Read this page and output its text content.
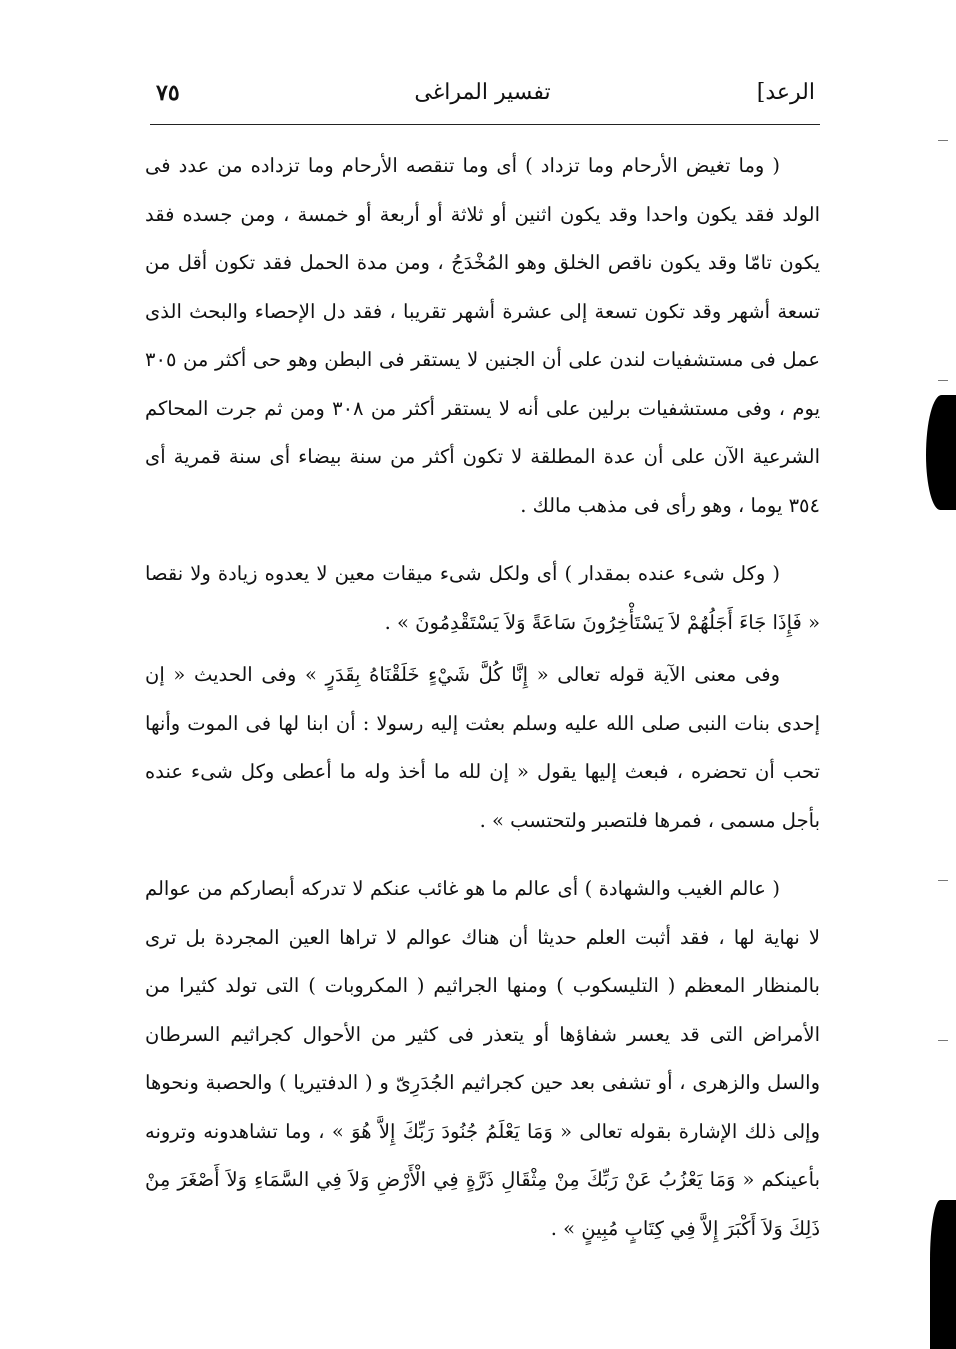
الرعد]
تفسير المراغى
٧٥

( وما تغيض الأرحام وما تزداد ) أى وما تنقصه الأرحام وما تزداده من عدد فى الولد فقد يكون واحدا وقد يكون اثنين أو ثلاثة أو أربعة أو خمسة ، ومن جسده فقد يكون تامّا وقد يكون ناقص الخلق وهو المُخْدَجُ ، ومن مدة الحمل فقد تكون أقل من تسعة أشهر وقد تكون تسعة إلى عشرة أشهر تقريبا ، فقد دل الإحصاء والبحث الذى عمل فى مستشفيات لندن على أن الجنين لا يستقر فى البطن وهو حى أكثر من ٣٠٥ يوم ، وفى مستشفيات برلين على أنه لا يستقر أكثر من ٣٠٨ ومن ثم جرت المحاكم الشرعية الآن على أن عدة المطلقة لا تكون أكثر من سنة بيضاء أى سنة قمرية أى ٣٥٤ يوما ، وهو رأى فى مذهب مالك .

( وكل شىء عنده بمقدار ) أى ولكل شىء ميقات معين لا يعدوه زيادة ولا نقصا « فَإِذَا جَاءَ أَجَلُهُمْ لاَ يَسْتَأْخِرُونَ سَاعَةً وَلاَ يَسْتَقْدِمُونَ » .

وفى معنى الآية قوله تعالى « إِنَّا كُلَّ شَيْءٍ خَلَقْنَاهُ بِقَدَرٍ » وفى الحديث « إن إحدى بنات النبى صلى الله عليه وسلم بعثت إليه رسولا : أن ابنا لها فى الموت وأنها تحب أن تحضره ، فبعث إليها يقول « إن لله ما أخذ وله ما أعطى وكل شىء عنده بأجل مسمى ، فمرها فلتصبر ولتحتسب » .

( عالم الغيب والشهادة ) أى عالم ما هو غائب عنكم لا تدركه أبصاركم من عوالم لا نهاية لها ، فقد أثبت العلم حديثا أن هناك عوالم لا تراها العين المجردة بل ترى بالمنظار المعظم ( التليسكوب ) ومنها الجراثيم ( المكروبات ) التى تولد كثيرا من الأمراض التى قد يعسر شفاؤها أو يتعذر فى كثير من الأحوال كجراثيم السرطان والسل والزهرى ، أو تشفى بعد حين كجراثيم الجُدَرِىّ و ( الدفتيريا ) والحصبة ونحوها وإلى ذلك الإشارة بقوله تعالى « وَمَا يَعْلَمُ جُنُودَ رَبِّكَ إِلاَّ هُوَ » ، وما تشاهدونه وترونه بأعينكم « وَمَا يَعْزُبُ عَنْ رَبِّكَ مِنْ مِثْقَالِ ذَرَّةٍ فِي الْأَرْضِ وَلاَ فِي السَّمَاءِ وَلاَ أَصْغَرَ مِنْ ذَلِكَ وَلاَ أَكْبَرَ إِلاَّ فِي كِتَابٍ مُبِينٍ » .
